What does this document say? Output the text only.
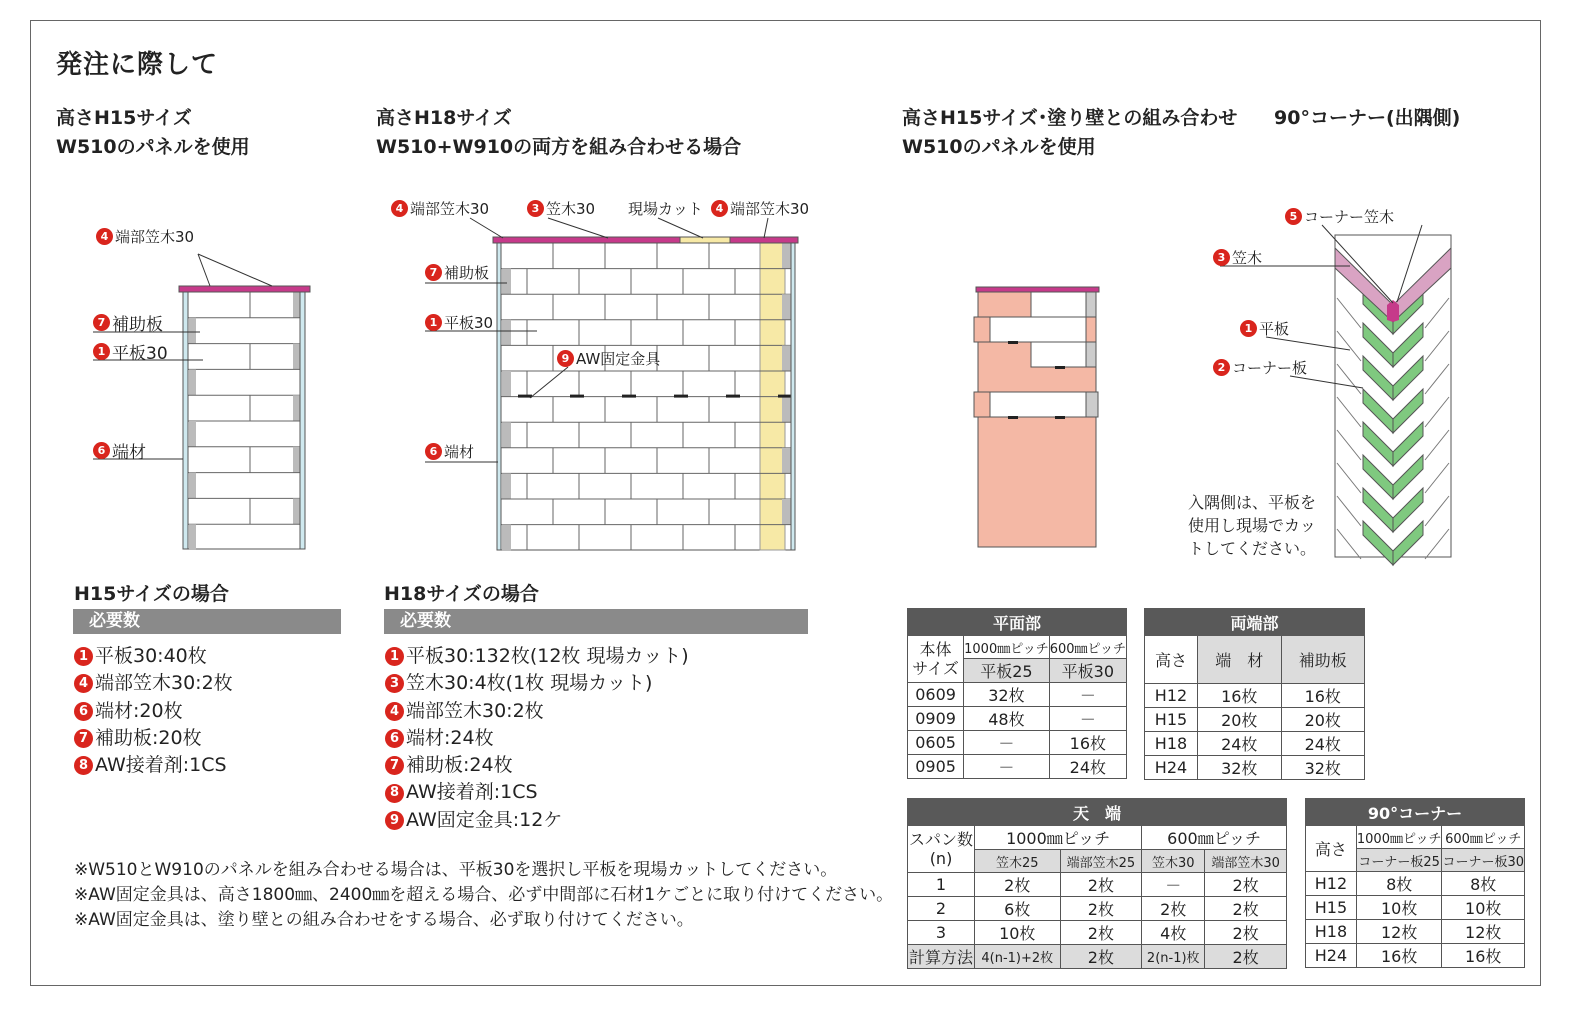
発注に際して
高さH15サイズ
W510のパネルを使用
高さH18サイズ
W510+W910の両方を組み合わせる場合
高さH15サイズ･塗り壁との組み合わせ
W510のパネルを使用
90°コーナー(出隅側)
4 端部笠木30
7 補助板
1 平板30
6 端材
4 端部笠木30	3 笠木30 現場カット	4 端部笠木30
7 補助板
1 平板30
9 AW固定金具
6 端材
5 コーナー笠木
3 笠木
1 平板
2 コーナー板
入隅側は、平板を
使用し現場でカッ
トしてください。
H15サイズの場合
必要数
1 平板30:40枚
4 端部笠木30:2枚
6 端材:20枚
7 補助板:20枚
8 AW接着剤:1CS
H18サイズの場合
必要数
1 平板30:132枚(12枚 現場カット)
3 笠木30:4枚(1枚 現場カット)
4 端部笠木30:2枚
6 端材:24枚
7 補助板:24枚
8 AW接着剤:1CS
9 AW固定金具:12ケ
※W510とW910のパネルを組み合わせる場合は、平板30を選択し平板を現場カットしてください。
※AW固定金具は、高さ1800㎜、2400㎜を超える場合、必ず中間部に石材1ケごとに取り付けてください。
※AW固定金具は、塗り壁との組み合わせをする場合、必ず取り付けてください。
平面部		

本体
サイズ	1000㎜ピッチ	600㎜ピッチ
	平板25	平板30
0609	32枚	－
0909	48枚	－
0605	－	16枚
0905	－	24枚
両端部		
高さ	端　材	補助板
H12	16枚	16枚
H15	20枚	20枚
H18	24枚	24枚
H24	32枚	32枚
天　端				

スパン数
(n)	1000㎜ピッチ		600㎜ピッチ	
	笠木25	端部笠木25	笠木30	端部笠木30
1	2枚	2枚	－	2枚
2	6枚	2枚	2枚	2枚
3	10枚	2枚	4枚	2枚
計算方法	4(n-1)+2枚	2枚	2(n-1)枚	2枚
90°コーナー		
高さ	1000㎜ピッチ	600㎜ピッチ
	コーナー板25	コーナー板30
H12	8枚	8枚
H15	10枚	10枚
H18	12枚	12枚
H24	16枚	16枚
